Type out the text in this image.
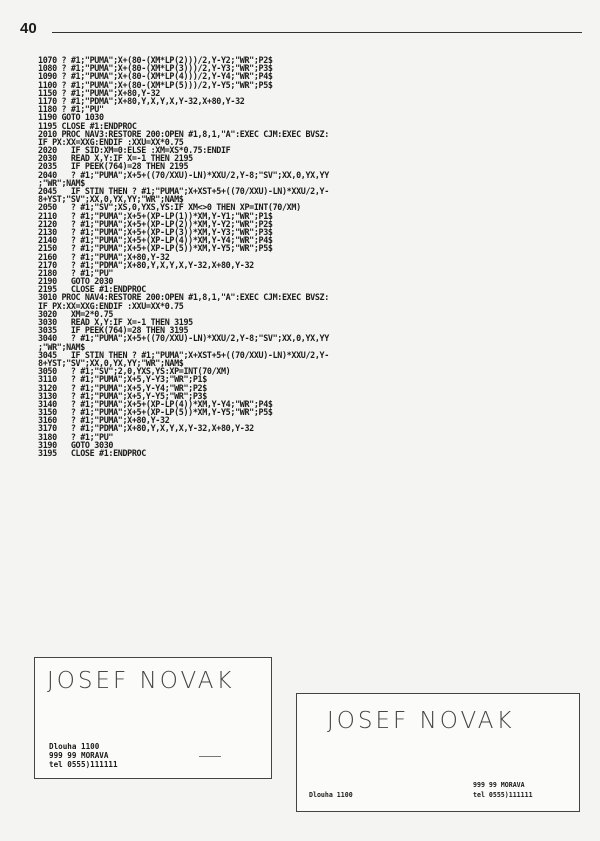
40
1070 ? #1;"PUMA";X+(80-(XM*LP(2)))/2,Y-Y2;"WR";P2$
1080 ? #1;"PUMA";X+(80-(XM*LP(3)))/2,Y-Y3;"WR";P3$
1090 ? #1;"PUMA";X+(80-(XM*LP(4)))/2,Y-Y4;"WR";P4$
1100 ? #1;"PUMA";X+(80-(XM*LP(5)))/2,Y-Y5;"WR";P5$
1150 ? #1;"PUMA";X+80,Y-32
1170 ? #1;"PDMA";X+80,Y,X,Y,X,Y-32,X+80,Y-32
1180 ? #1;"PU"
1190 GOTO 1030
1195 CLOSE #1:ENDPROC
2010 PROC NAV3:RESTORE 200:OPEN #1,8,1,"A":EXEC CJM:EXEC BVSZ:
IF PX:XX=XXG:ENDIF :XXU=XX*0.75
2020   IF SID:XM=0:ELSE :XM=XS*0.75:ENDIF
2030   READ X,Y:IF X=-1 THEN 2195
2035   IF PEEK(764)=28 THEN 2195
2040   ? #1;"PUMA";X+5+((70/XXU)-LN)*XXU/2,Y-8;"SV";XX,0,YX,YY
;"WR";NAM$
2045   IF STIN THEN ? #1;"PUMA";X+XST+5+((70/XXU)-LN)*XXU/2,Y-
8+YST;"SV";XX,0,YX,YY;"WR";NAM$
2050   ? #1;"SV";XS,0,YXS,YS:IF XM<>0 THEN XP=INT(70/XM)
2110   ? #1;"PUMA";X+5+(XP-LP(1))*XM,Y-Y1;"WR";P1$
2120   ? #1;"PUMA";X+5+(XP-LP(2))*XM,Y-Y2;"WR";P2$
2130   ? #1;"PUMA";X+5+(XP-LP(3))*XM,Y-Y3;"WR";P3$
2140   ? #1;"PUMA";X+5+(XP-LP(4))*XM,Y-Y4;"WR";P4$
2150   ? #1;"PUMA";X+5+(XP-LP(5))*XM,Y-Y5;"WR";P5$
2160   ? #1;"PUMA";X+80,Y-32
2170   ? #1;"PDMA";X+80,Y,X,Y,X,Y-32,X+80,Y-32
2180   ? #1;"PU"
2190   GOTO 2030
2195   CLOSE #1:ENDPROC
3010 PROC NAV4:RESTORE 200:OPEN #1,8,1,"A":EXEC CJM:EXEC BVSZ:
IF PX:XX=XXG:ENDIF :XXU=XX*0.75
3020   XM=2*0.75
3030   READ X,Y:IF X=-1 THEN 3195
3035   IF PEEK(764)=28 THEN 3195
3040   ? #1;"PUMA";X+5+((70/XXU)-LN)*XXU/2,Y-8;"SV";XX,0,YX,YY
;"WR";NAM$
3045   IF STIN THEN ? #1;"PUMA";X+XST+5+((70/XXU)-LN)*XXU/2,Y-
8+YST;"SV";XX,0,YX,YY;"WR";NAM$
3050   ? #1;"SV";2,0,YXS,YS:XP=INT(70/XM)
3110   ? #1;"PUMA";X+5,Y-Y3;"WR";P1$
3120   ? #1;"PUMA";X+5,Y-Y4;"WR";P2$
3130   ? #1;"PUMA";X+5,Y-Y5;"WR";P3$
3140   ? #1;"PUMA";X+5+(XP-LP(4))*XM,Y-Y4;"WR";P4$
3150   ? #1;"PUMA";X+5+(XP-LP(5))*XM,Y-Y5;"WR";P5$
3160   ? #1;"PUMA";X+80,Y-32
3170   ? #1;"PDMA";X+80,Y,X,Y,X,Y-32,X+80,Y-32
3180   ? #1;"PU"
3190   GOTO 3030
3195   CLOSE #1:ENDPROC
JOSEF NOVAK
Dlouha 1100
999 99 MORAVA
tel 0555)111111
JOSEF NOVAK
999 99 MORAVA
Dlouha 1100	tel 0555)111111
